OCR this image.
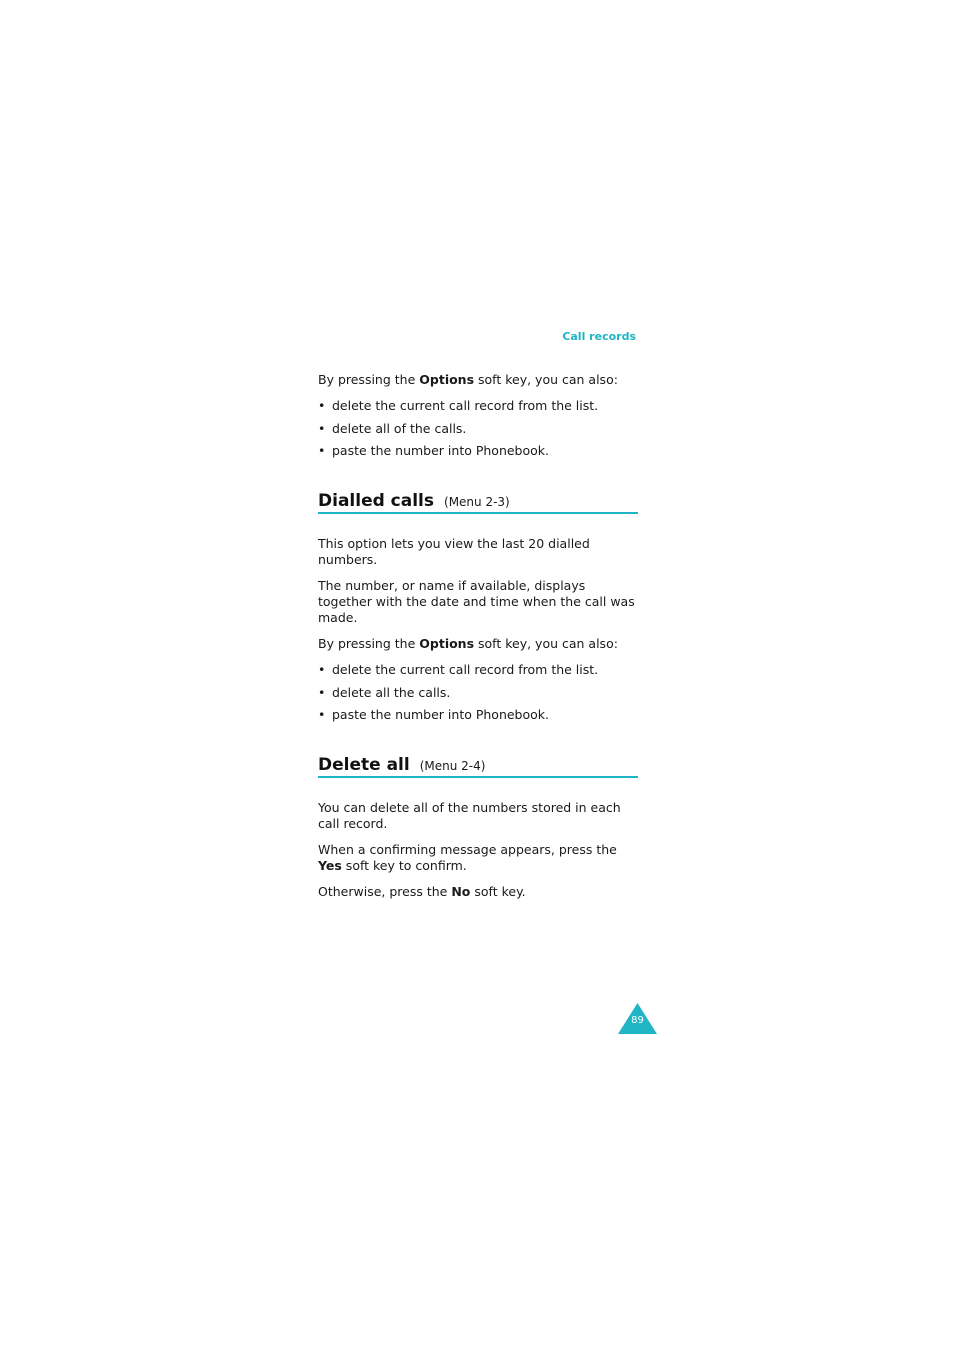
Call records

By pressing the Options soft key, you can also:

• delete the current call record from the list.
• delete all of the calls.
• paste the number into Phonebook.
Dialled calls (Menu 2-3)

This option lets you view the last 20 dialled numbers.

The number, or name if available, displays together with the date and time when the call was made.

By pressing the Options soft key, you can also:

• delete the current call record from the list.
• delete all the calls.
• paste the number into Phonebook.
Delete all (Menu 2-4)

You can delete all of the numbers stored in each call record.

When a confirming message appears, press the Yes soft key to confirm.

Otherwise, press the No soft key.

89
